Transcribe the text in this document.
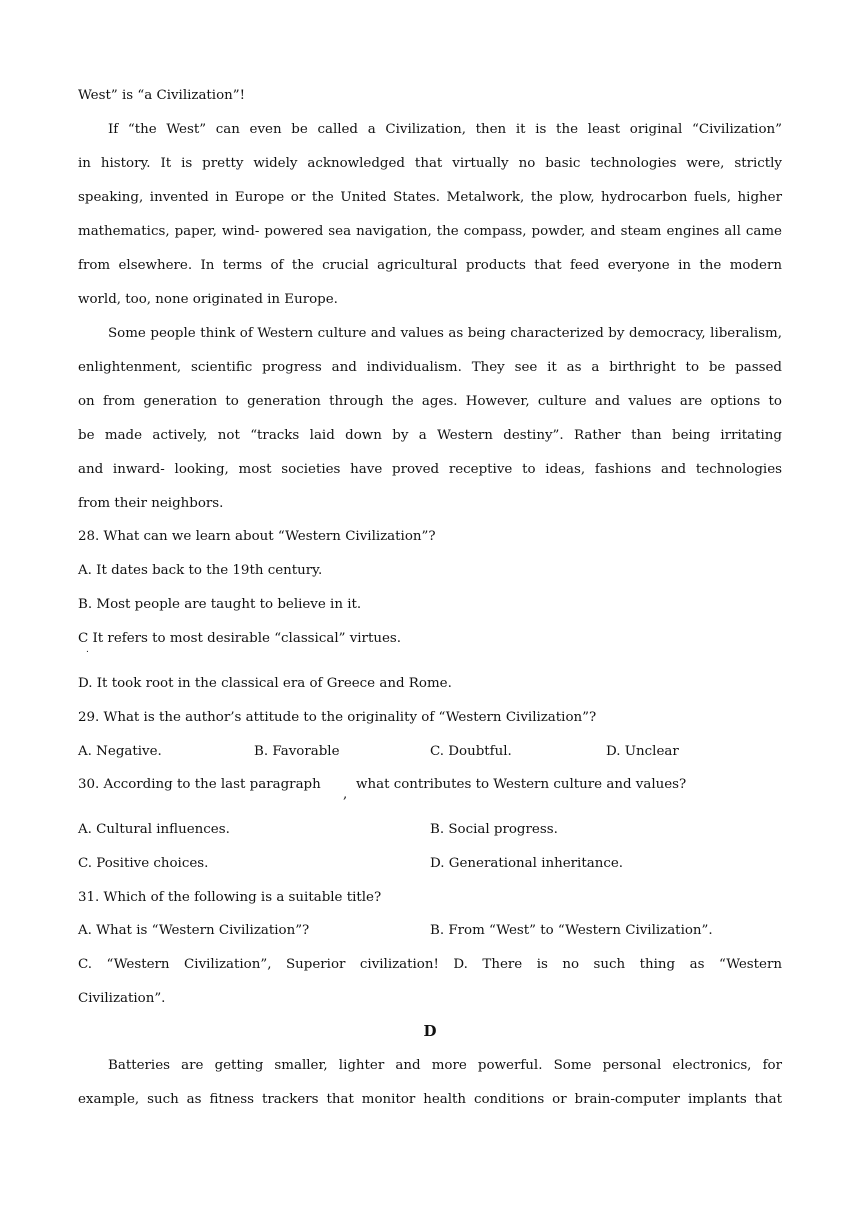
West” is “a Civilization”!
If “the West” can even be called a Civilization, then it is the least original “Civilization”
in history. It is pretty widely acknowledged that virtually no basic technologies were, strictly
speaking, invented in Europe or the United States. Metalwork, the plow, hydrocarbon fuels, higher
mathematics, paper, wind- powered sea navigation, the compass, powder, and steam engines all came
from elsewhere. In terms of the crucial agricultural products that feed everyone in the modern
world, too, none originated in Europe.
Some people think of Western culture and values as being characterized by democracy, liberalism,
enlightenment, scientific progress and individualism. They see it as a birthright to be passed
on from generation to generation through the ages. However, culture and values are options to
be made actively, not “tracks laid down by a Western destiny”. Rather than being irritating
and inward- looking, most societies have proved receptive to ideas, fashions and technologies
from their neighbors.
28. What can we learn about “Western Civilization”?
A. It dates back to the 19th century.
B. Most people are taught to believe in it.
C It refers to most desirable “classical” virtues.
.
D. It took root in the classical era of Greece and Rome.
29. What is the author’s attitude to the originality of “Western Civilization”?
A. Negative.	B. Favorable	C. Doubtful.	D. Unclear
30. According to the last paragraph
,
what contributes to Western culture and values?
A. Cultural influences.	B. Social progress.
C. Positive choices.	D. Generational inheritance.
31. Which of the following is a suitable title?
A. What is “Western Civilization”?	B. From “West” to “Western Civilization”.
C. “Western Civilization”, Superior civilization! D. There is no such thing as “Western
Civilization”.
D
Batteries are getting smaller, lighter and more powerful. Some personal electronics, for
example, such as fitness trackers that monitor health conditions or brain-computer implants that
